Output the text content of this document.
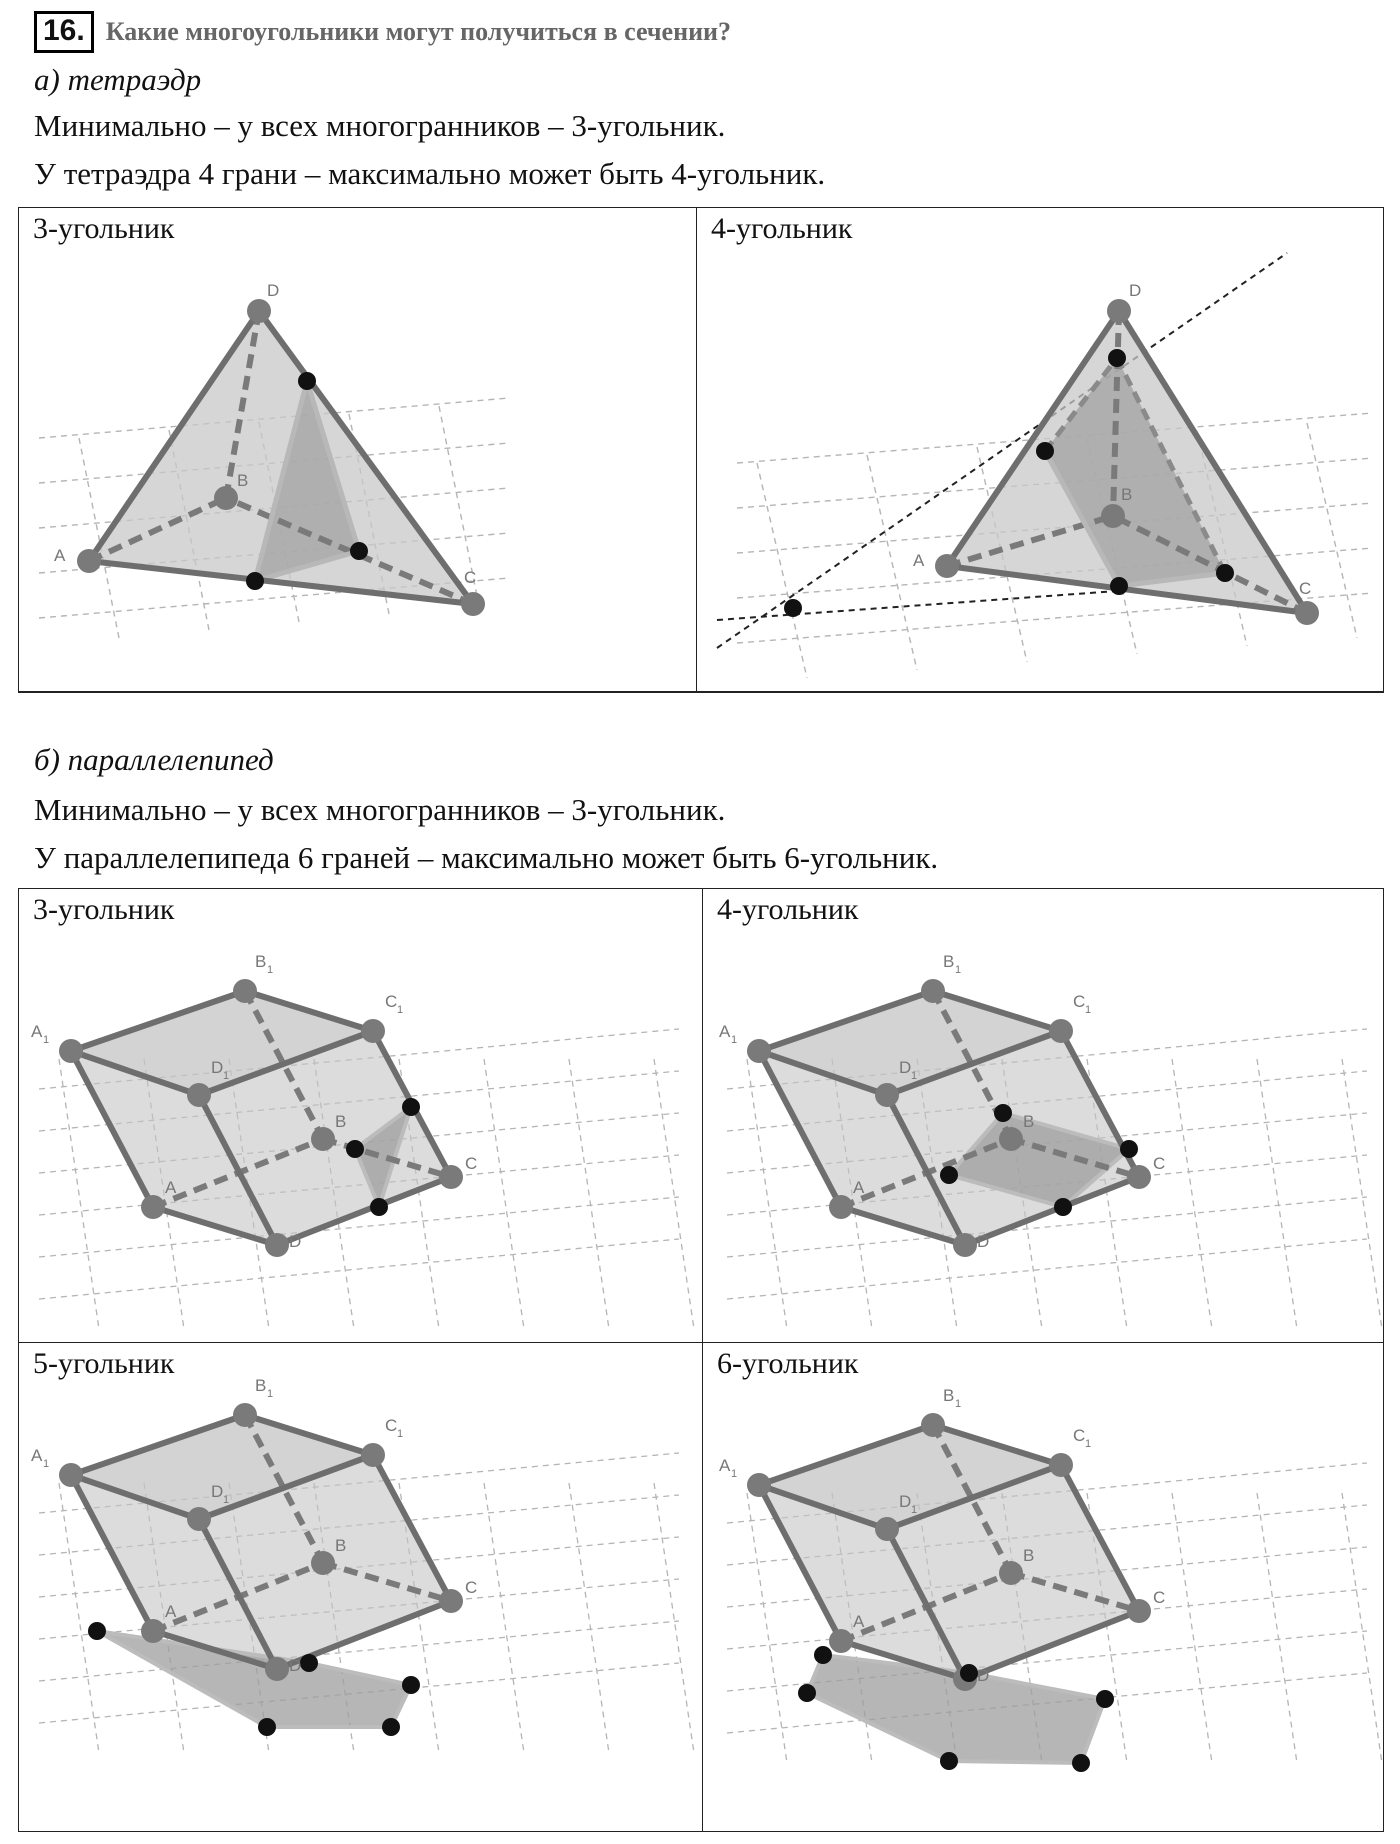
16. Какие многоугольники могут получиться в сечении?
а) тетраэдр
Минимально – у всех многогранников – 3-угольник.
У тетраэдра 4 грани – максимально может быть 4-угольник.
3-угольник
D
B
A
C
4-угольник
D
B
A
C
б) параллелепипед
Минимально – у всех многогранников – 3-угольник.
У параллелепипеда 6 граней – максимально может быть 6-угольник.
3-угольник
A 1
B 1
C 1
D 1
A
B
C
D
4-угольник
A 1
B 1
C 1
D 1
A
B
C
D
5-угольник
A 1
B 1
C 1
D 1
A
B
C
D
6-угольник
A 1
B 1
C 1
D 1
A
B
C
D
